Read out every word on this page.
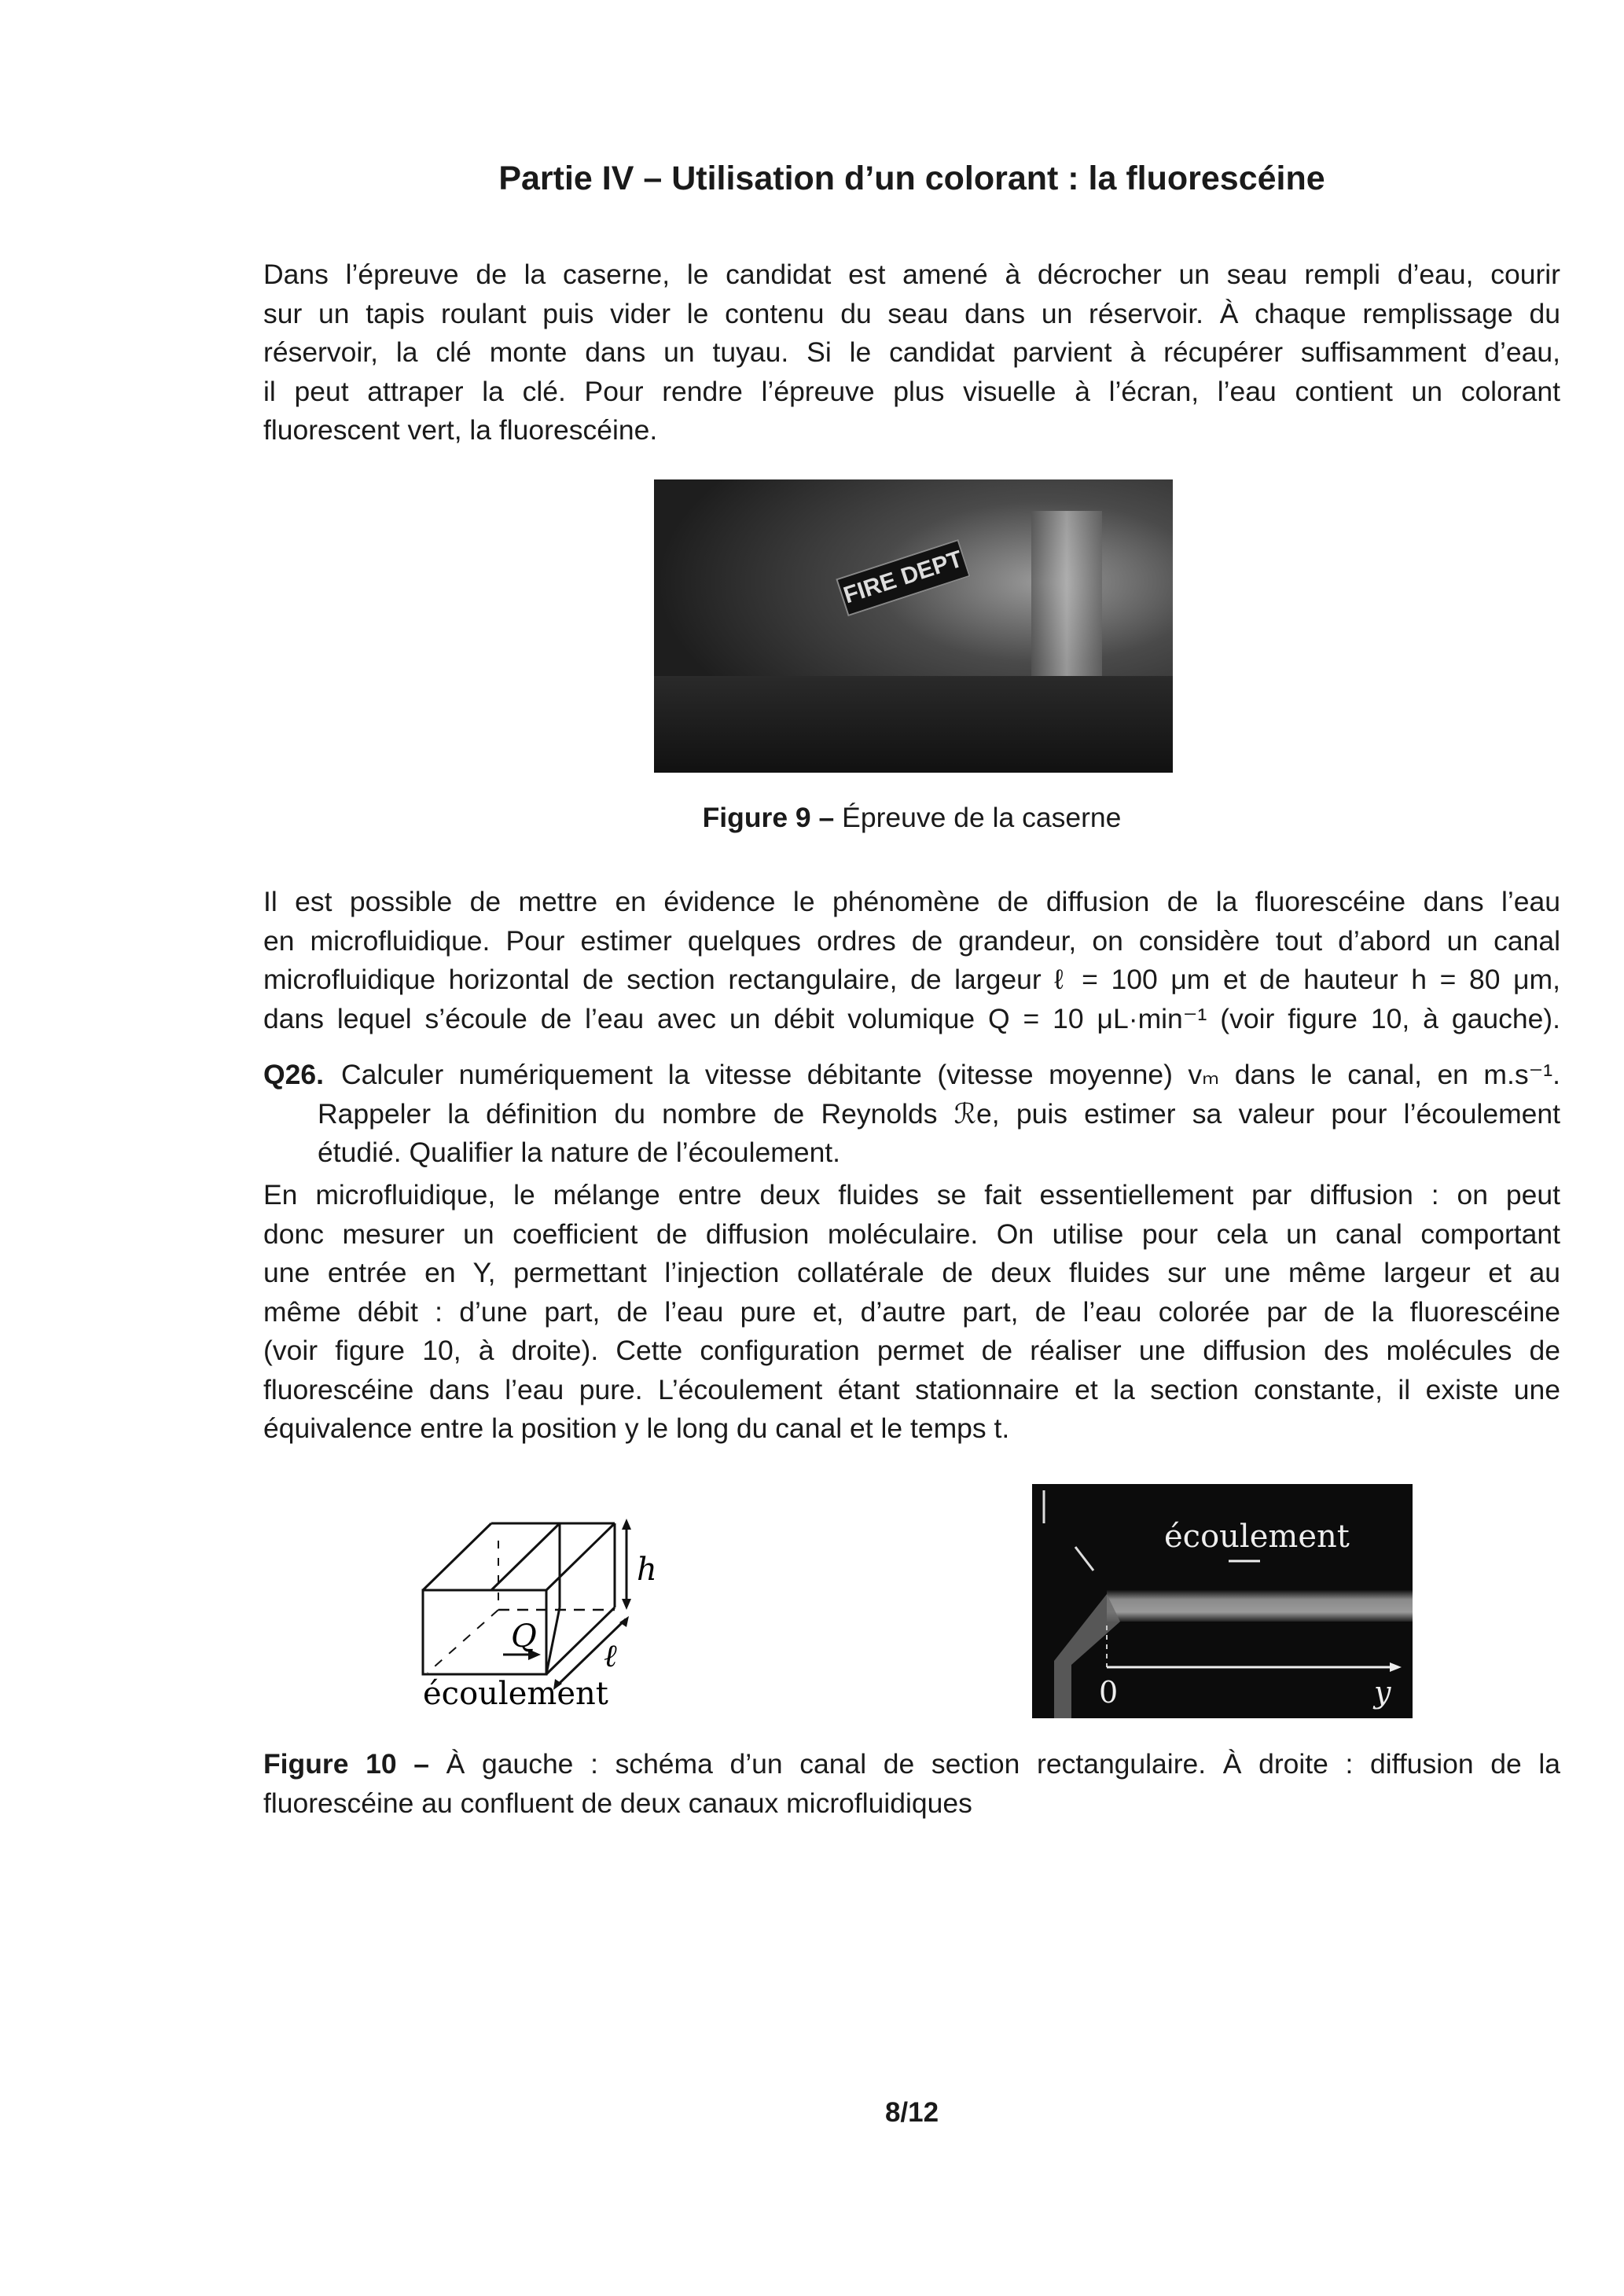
Partie IV – Utilisation d’un colorant : la fluorescéine
Dans l’épreuve de la caserne, le candidat est amené à décrocher un seau rempli d’eau, courir
sur un tapis roulant puis vider le contenu du seau dans un réservoir. À chaque remplissage du
réservoir, la clé monte dans un tuyau. Si le candidat parvient à récupérer suffisamment d’eau,
il peut attraper la clé. Pour rendre l’épreuve plus visuelle à l’écran, l’eau contient un colorant
fluorescent vert, la fluorescéine.
FIRE DEPT
Figure 9 – Épreuve de la caserne
Il est possible de mettre en évidence le phénomène de diffusion de la fluorescéine dans l’eau
en microfluidique. Pour estimer quelques ordres de grandeur, on considère tout d’abord un canal
microfluidique horizontal de section rectangulaire, de largeur ℓ = 100 μm et de hauteur h = 80 μm,
dans lequel s’écoule de l’eau avec un débit volumique Q = 10 μL·min⁻¹ (voir figure 10, à gauche).
Q26. Calculer numériquement la vitesse débitante (vitesse moyenne) vₘ dans le canal, en m.s⁻¹.
Rappeler la définition du nombre de Reynolds ℛe, puis estimer sa valeur pour l’écoulement
étudié. Qualifier la nature de l’écoulement.
En microfluidique, le mélange entre deux fluides se fait essentiellement par diffusion : on peut
donc mesurer un coefficient de diffusion moléculaire. On utilise pour cela un canal comportant
une entrée en Y, permettant l’injection collatérale de deux fluides sur une même largeur et au
même débit : d’une part, de l’eau pure et, d’autre part, de l’eau colorée par de la fluorescéine
(voir figure 10, à droite). Cette configuration permet de réaliser une diffusion des molécules de
fluorescéine dans l’eau pure. L’écoulement étant stationnaire et la section constante, il existe une
équivalence entre la position y le long du canal et le temps t.
Q
h
ℓ
écoulement
écoulement
0	y
Figure 10 – À gauche : schéma d’un canal de section rectangulaire. À droite : diffusion de la
fluorescéine au confluent de deux canaux microfluidiques
8/12
